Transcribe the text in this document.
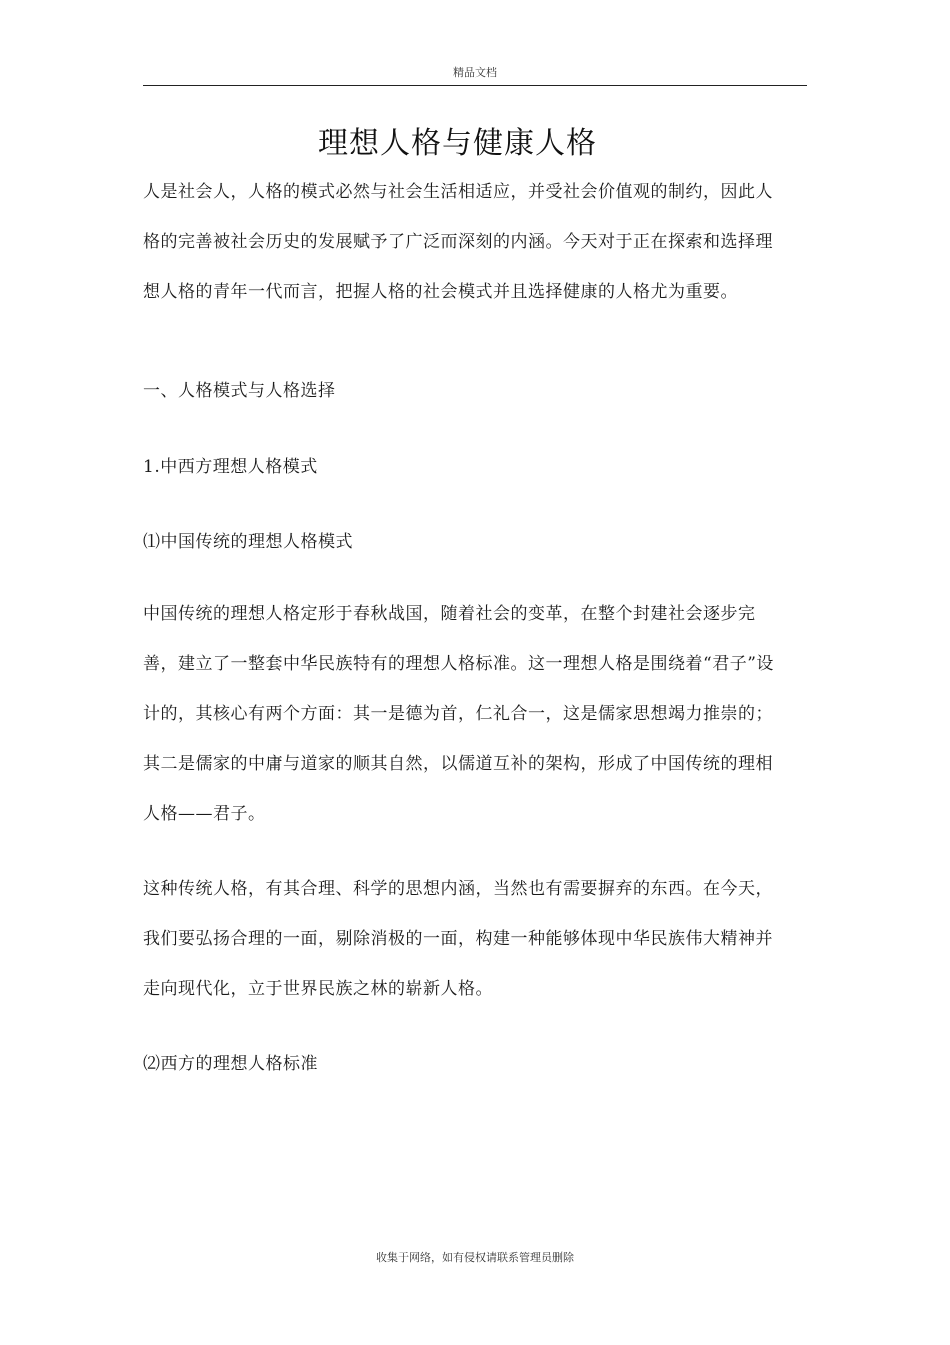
精品文档
理想人格与健康人格

人是社会人，人格的模式必然与社会生活相适应，并受社会价值观的制约，因此人格的完善被社会历史的发展赋予了广泛而深刻的内涵。今天对于正在探索和选择理想人格的青年一代而言，把握人格的社会模式并且选择健康的人格尤为重要。

一、人格模式与人格选择

1.中西方理想人格模式

⑴中国传统的理想人格模式

中国传统的理想人格定形于春秋战国，随着社会的变革，在整个封建社会逐步完善，建立了一整套中华民族特有的理想人格标准。这一理想人格是围绕着“君子”设计的，其核心有两个方面：其一是德为首，仁礼合一，这是儒家思想竭力推崇的；其二是儒家的中庸与道家的顺其自然，以儒道互补的架构，形成了中国传统的理相人格——君子。

这种传统人格，有其合理、科学的思想内涵，当然也有需要摒弃的东西。在今天，我们要弘扬合理的一面，剔除消极的一面，构建一种能够体现中华民族伟大精神并走向现代化，立于世界民族之林的崭新人格。

⑵西方的理想人格标准

收集于网络，如有侵权请联系管理员删除
